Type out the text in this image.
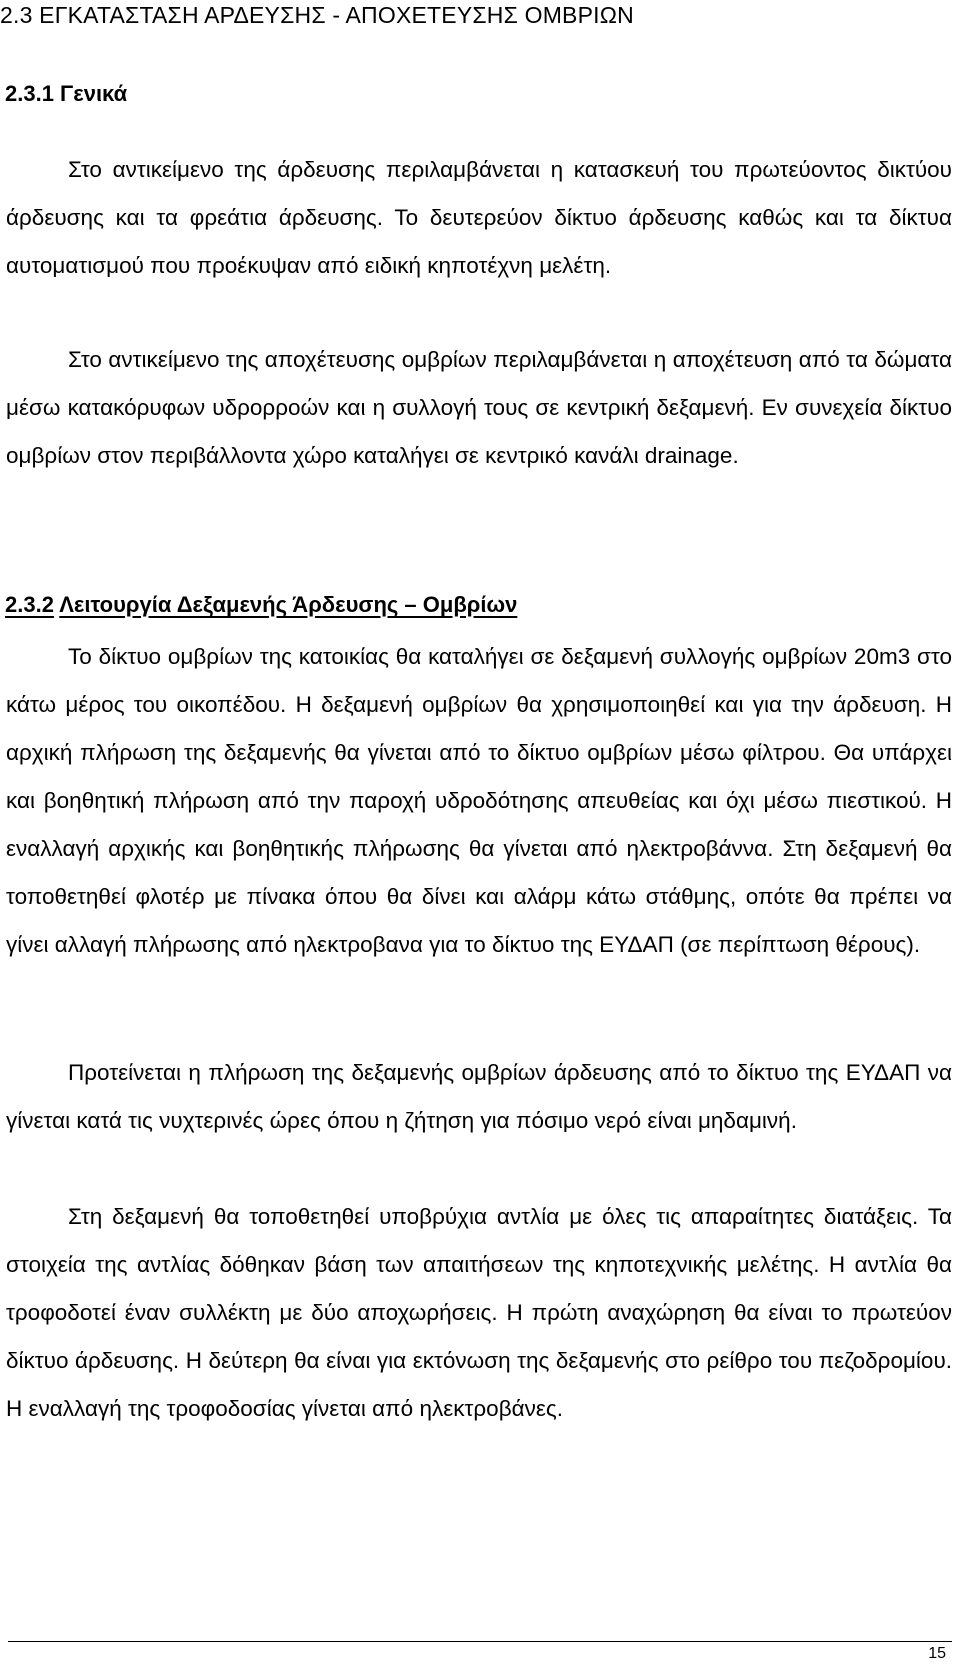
2.3 ΕΓΚΑΤΑΣΤΑΣΗ ΑΡΔΕΥΣΗΣ - ΑΠΟΧΕΤΕΥΣΗΣ ΟΜΒΡΙΩΝ
2.3.1 Γενικά
Στο αντικείμενο της άρδευσης περιλαμβάνεται η κατασκευή του πρωτεύοντος δικτύου άρδευσης και τα φρεάτια άρδευσης. Το δευτερεύον δίκτυο άρδευσης καθώς και τα δίκτυα αυτοματισμού που προέκυψαν από ειδική κηποτέχνη μελέτη.
Στο αντικείμενο της αποχέτευσης ομβρίων περιλαμβάνεται η αποχέτευση από τα δώματα μέσω κατακόρυφων υδρορροών και η συλλογή τους σε κεντρική δεξαμενή. Εν συνεχεία δίκτυο ομβρίων στον περιβάλλοντα χώρο καταλήγει σε κεντρικό κανάλι drainage.
2.3.2 Λειτουργία Δεξαμενής Άρδευσης – Ομβρίων
Το δίκτυο ομβρίων της κατοικίας θα καταλήγει σε δεξαμενή συλλογής ομβρίων 20m3 στο κάτω μέρος του οικοπέδου. Η δεξαμενή ομβρίων θα χρησιμοποιηθεί και για την άρδευση. Η αρχική πλήρωση της δεξαμενής θα γίνεται από το δίκτυο ομβρίων μέσω φίλτρου. Θα υπάρχει και βοηθητική πλήρωση από την παροχή υδροδότησης απευθείας και όχι μέσω πιεστικού. Η εναλλαγή αρχικής και βοηθητικής πλήρωσης θα γίνεται από ηλεκτροβάννα. Στη δεξαμενή θα τοποθετηθεί φλοτέρ με πίνακα όπου θα δίνει και αλάρμ κάτω στάθμης, οπότε θα πρέπει να γίνει αλλαγή πλήρωσης από ηλεκτροβανα για το δίκτυο της ΕΥΔΑΠ (σε περίπτωση θέρους).
Προτείνεται η πλήρωση της δεξαμενής ομβρίων άρδευσης από το δίκτυο της ΕΥΔΑΠ να γίνεται κατά τις νυχτερινές ώρες όπου η ζήτηση για πόσιμο νερό είναι μηδαμινή.
Στη δεξαμενή θα τοποθετηθεί υποβρύχια αντλία με όλες τις απαραίτητες διατάξεις. Τα στοιχεία της αντλίας δόθηκαν βάση των απαιτήσεων της κηποτεχνικής μελέτης. Η αντλία θα τροφοδοτεί έναν συλλέκτη με δύο αποχωρήσεις. Η πρώτη αναχώρηση θα είναι το πρωτεύον δίκτυο άρδευσης. Η δεύτερη θα είναι για εκτόνωση της δεξαμενής στο ρείθρο του πεζοδρομίου. Η εναλλαγή της τροφοδοσίας γίνεται από ηλεκτροβάνες.
15
